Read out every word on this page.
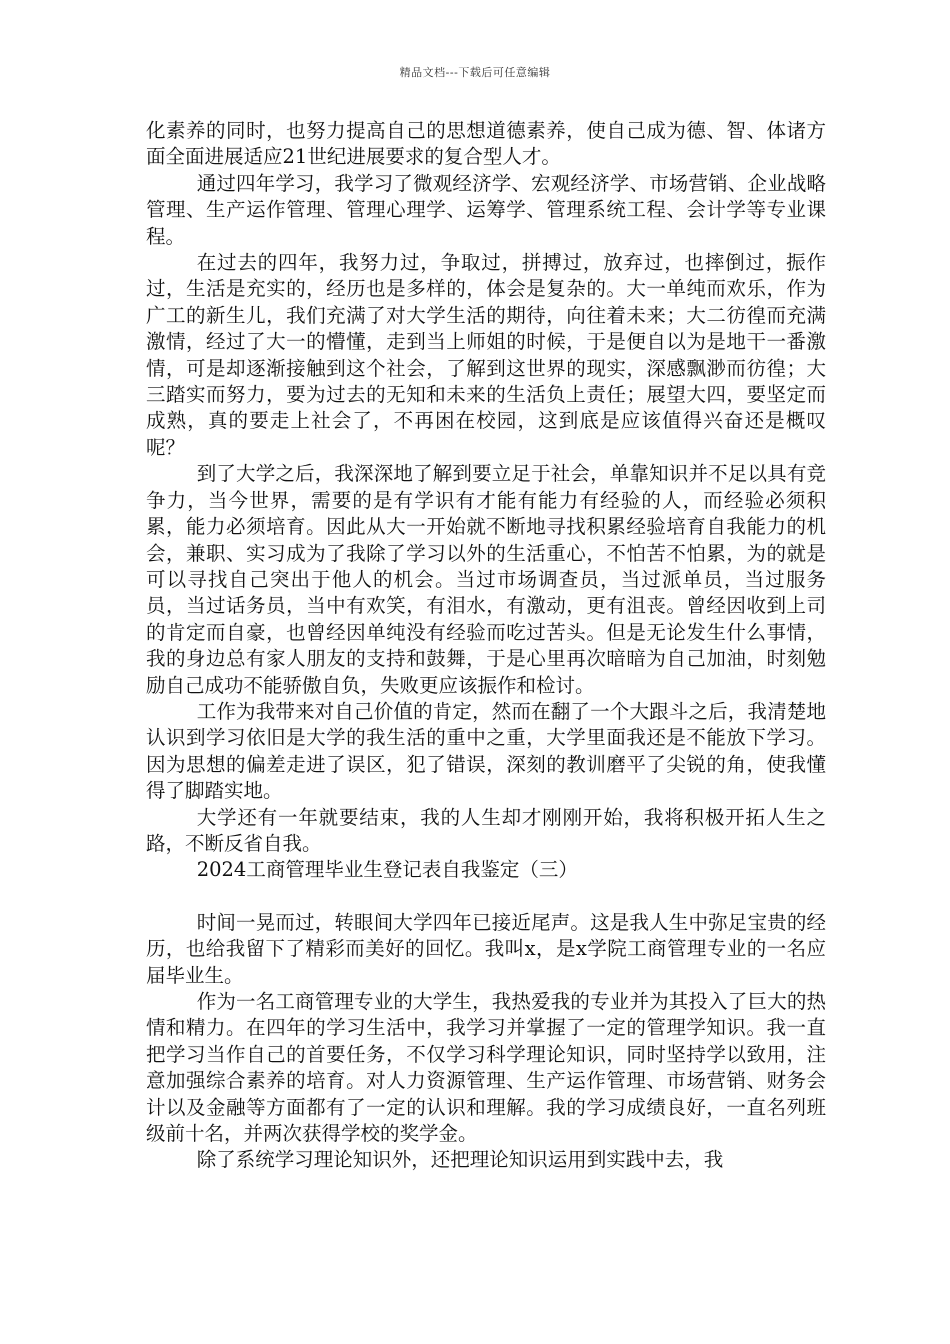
精品文档---下载后可任意编辑

化素养的同时，也努力提高自己的思想道德素养，使自己成为德、智、体诸方面全面进展适应21世纪进展要求的复合型人才。

通过四年学习，我学习了微观经济学、宏观经济学、市场营销、企业战略管理、生产运作管理、管理心理学、运筹学、管理系统工程、会计学等专业课程。

在过去的四年，我努力过，争取过，拼搏过，放弃过，也摔倒过，振作过，生活是充实的，经历也是多样的，体会是复杂的。大一单纯而欢乐，作为广工的新生儿，我们充满了对大学生活的期待，向往着未来；大二彷徨而充满激情，经过了大一的懵懂，走到当上师姐的时候，于是便自以为是地干一番激情，可是却逐渐接触到这个社会，了解到这世界的现实，深感飘渺而彷徨；大三踏实而努力，要为过去的无知和未来的生活负上责任；展望大四，要坚定而成熟，真的要走上社会了，不再困在校园，这到底是应该值得兴奋还是概叹呢？

到了大学之后，我深深地了解到要立足于社会，单靠知识并不足以具有竞争力，当今世界，需要的是有学识有才能有能力有经验的人，而经验必须积累，能力必须培育。因此从大一开始就不断地寻找积累经验培育自我能力的机会，兼职、实习成为了我除了学习以外的生活重心，不怕苦不怕累，为的就是可以寻找自己突出于他人的机会。当过市场调查员，当过派单员，当过服务员，当过话务员，当中有欢笑，有泪水，有激动，更有沮丧。曾经因收到上司的肯定而自豪，也曾经因单纯没有经验而吃过苦头。但是无论发生什么事情，我的身边总有家人朋友的支持和鼓舞，于是心里再次暗暗为自己加油，时刻勉励自己成功不能骄傲自负，失败更应该振作和检讨。

工作为我带来对自己价值的肯定，然而在翻了一个大跟斗之后，我清楚地认识到学习依旧是大学的我生活的重中之重，大学里面我还是不能放下学习。因为思想的偏差走进了误区，犯了错误，深刻的教训磨平了尖锐的角，使我懂得了脚踏实地。

大学还有一年就要结束，我的人生却才刚刚开始，我将积极开拓人生之路，不断反省自我。

2024工商管理毕业生登记表自我鉴定（三）

时间一晃而过，转眼间大学四年已接近尾声。这是我人生中弥足宝贵的经历，也给我留下了精彩而美好的回忆。我叫x，是x学院工商管理专业的一名应届毕业生。

作为一名工商管理专业的大学生，我热爱我的专业并为其投入了巨大的热情和精力。在四年的学习生活中，我学习并掌握了一定的管理学知识。我一直把学习当作自己的首要任务，不仅学习科学理论知识，同时坚持学以致用，注意加强综合素养的培育。对人力资源管理、生产运作管理、市场营销、财务会计以及金融等方面都有了一定的认识和理解。我的学习成绩良好，一直名列班级前十名，并两次获得学校的奖学金。

除了系统学习理论知识外，还把理论知识运用到实践中去，我
